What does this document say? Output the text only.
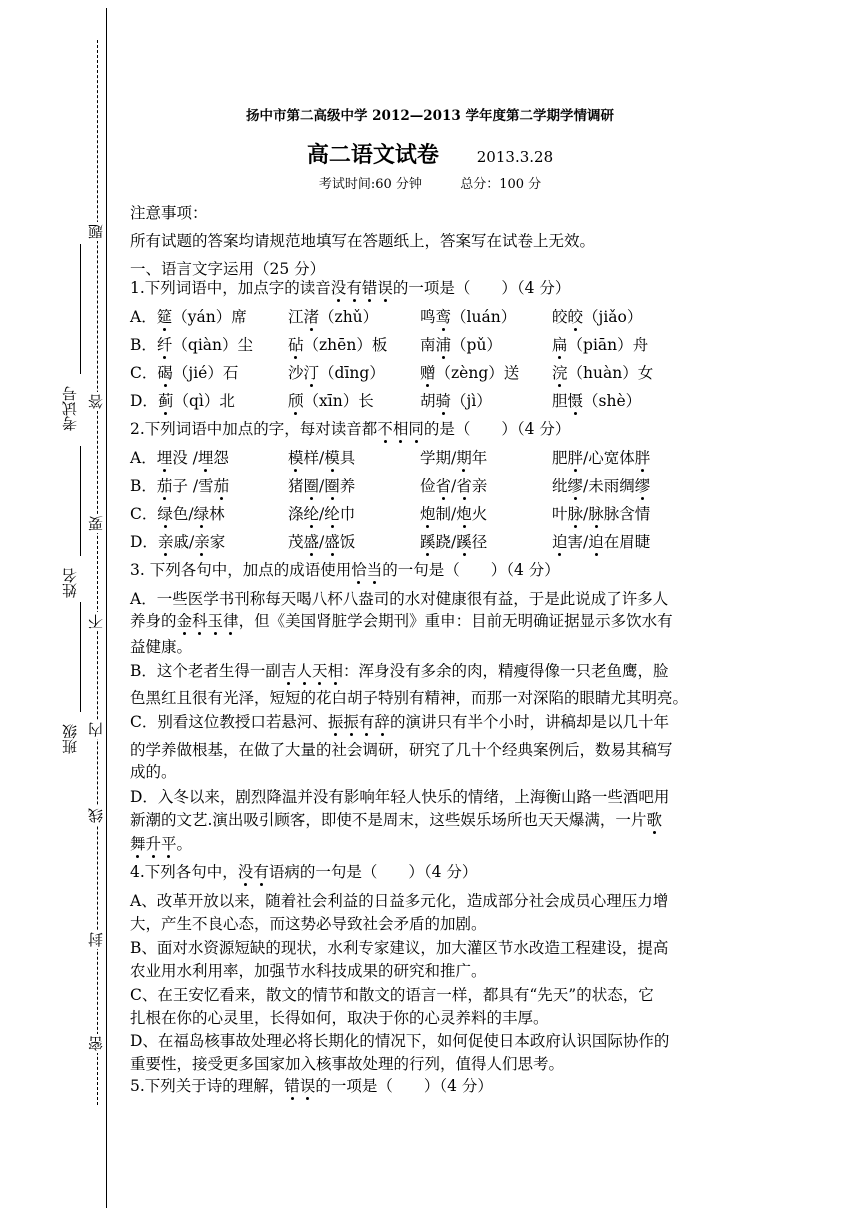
题
答
要
不
内
线
封
密
考试号
姓名
班级
扬中市第二高级中学 2012—2013 学年度第二学期学情调研
高二语文试卷	2013.3.28
考试时间:60 分钟	总分：100 分
注意事项：
所有试题的答案均请规范地填写在答题纸上，答案写在试卷上无效。
一、语言文字运用（25 分）
1.下列词语中，加点字的读音没有错误的一项是（　　）（4 分）
A．筵（yán）席	江渚（zhǔ）	鸣鸾（luán） 皎皎（jiǎo）
B．纤（qiàn）尘 砧（zhēn）板 南浦（pǔ）	扁（piān）舟
C．碣（jié）石	沙汀（dīng） 赠（zèng）送 浣（huàn）女
D．蓟（qì）北	颀（xīn）长	胡骑（jì）	胆慑（shè）
2.下列词语中加点的字，每对读音都不相同的是（　　）（4 分）
A．埋没 /埋怨	模样/模具	学期/期年	肥胖/心宽体胖
B．茄子 /雪茄	猪圈/圈养	俭省/省亲	纰缪/未雨绸缪
C．绿色/绿林	涤纶/纶巾	炮制/炮火	叶脉/脉脉含情
D．亲戚/亲家	茂盛/盛饭	蹊跷/蹊径	迫害/迫在眉睫
3. 下列各句中，加点的成语使用恰当的一句是（　　）（4 分）
A．一些医学书刊称每天喝八杯八盎司的水对健康很有益，于是此说成了许多人
养身的金科玉律，但《美国肾脏学会期刊》重申：目前无明确证据显示多饮水有
益健康。
B．这个老者生得一副吉人天相：浑身没有多余的肉，精瘦得像一只老鱼鹰，脸
色黑红且很有光泽，短短的花白胡子特别有精神，而那一对深陷的眼睛尤其明亮。
C．别看这位教授口若悬河、振振有辞的演讲只有半个小时，讲稿却是以几十年
的学养做根基，在做了大量的社会调研，研究了几十个经典案例后，数易其稿写
成的。
D．入冬以来，剧烈降温并没有影响年轻人快乐的情绪，上海衡山路一些酒吧用
新潮的文艺.演出吸引顾客，即使不是周末，这些娱乐场所也天天爆满，一片歌
舞升平。
4.下列各句中，没有语病的一句是（　　）（4 分）
A、改革开放以来，随着社会利益的日益多元化，造成部分社会成员心理压力增
大，产生不良心态，而这势必导致社会矛盾的加剧。
B、面对水资源短缺的现状，水利专家建议，加大灌区节水改造工程建设，提高
农业用水利用率，加强节水科技成果的研究和推广。
C、在王安忆看来，散文的情节和散文的语言一样，都具有“先天”的状态，它
扎根在你的心灵里，长得如何，取决于你的心灵养料的丰厚。
D、在福岛核事故处理必将长期化的情况下，如何促使日本政府认识国际协作的
重要性，接受更多国家加入核事故处理的行列，值得人们思考。
5.下列关于诗的理解，错误的一项是（　　）（4 分）
